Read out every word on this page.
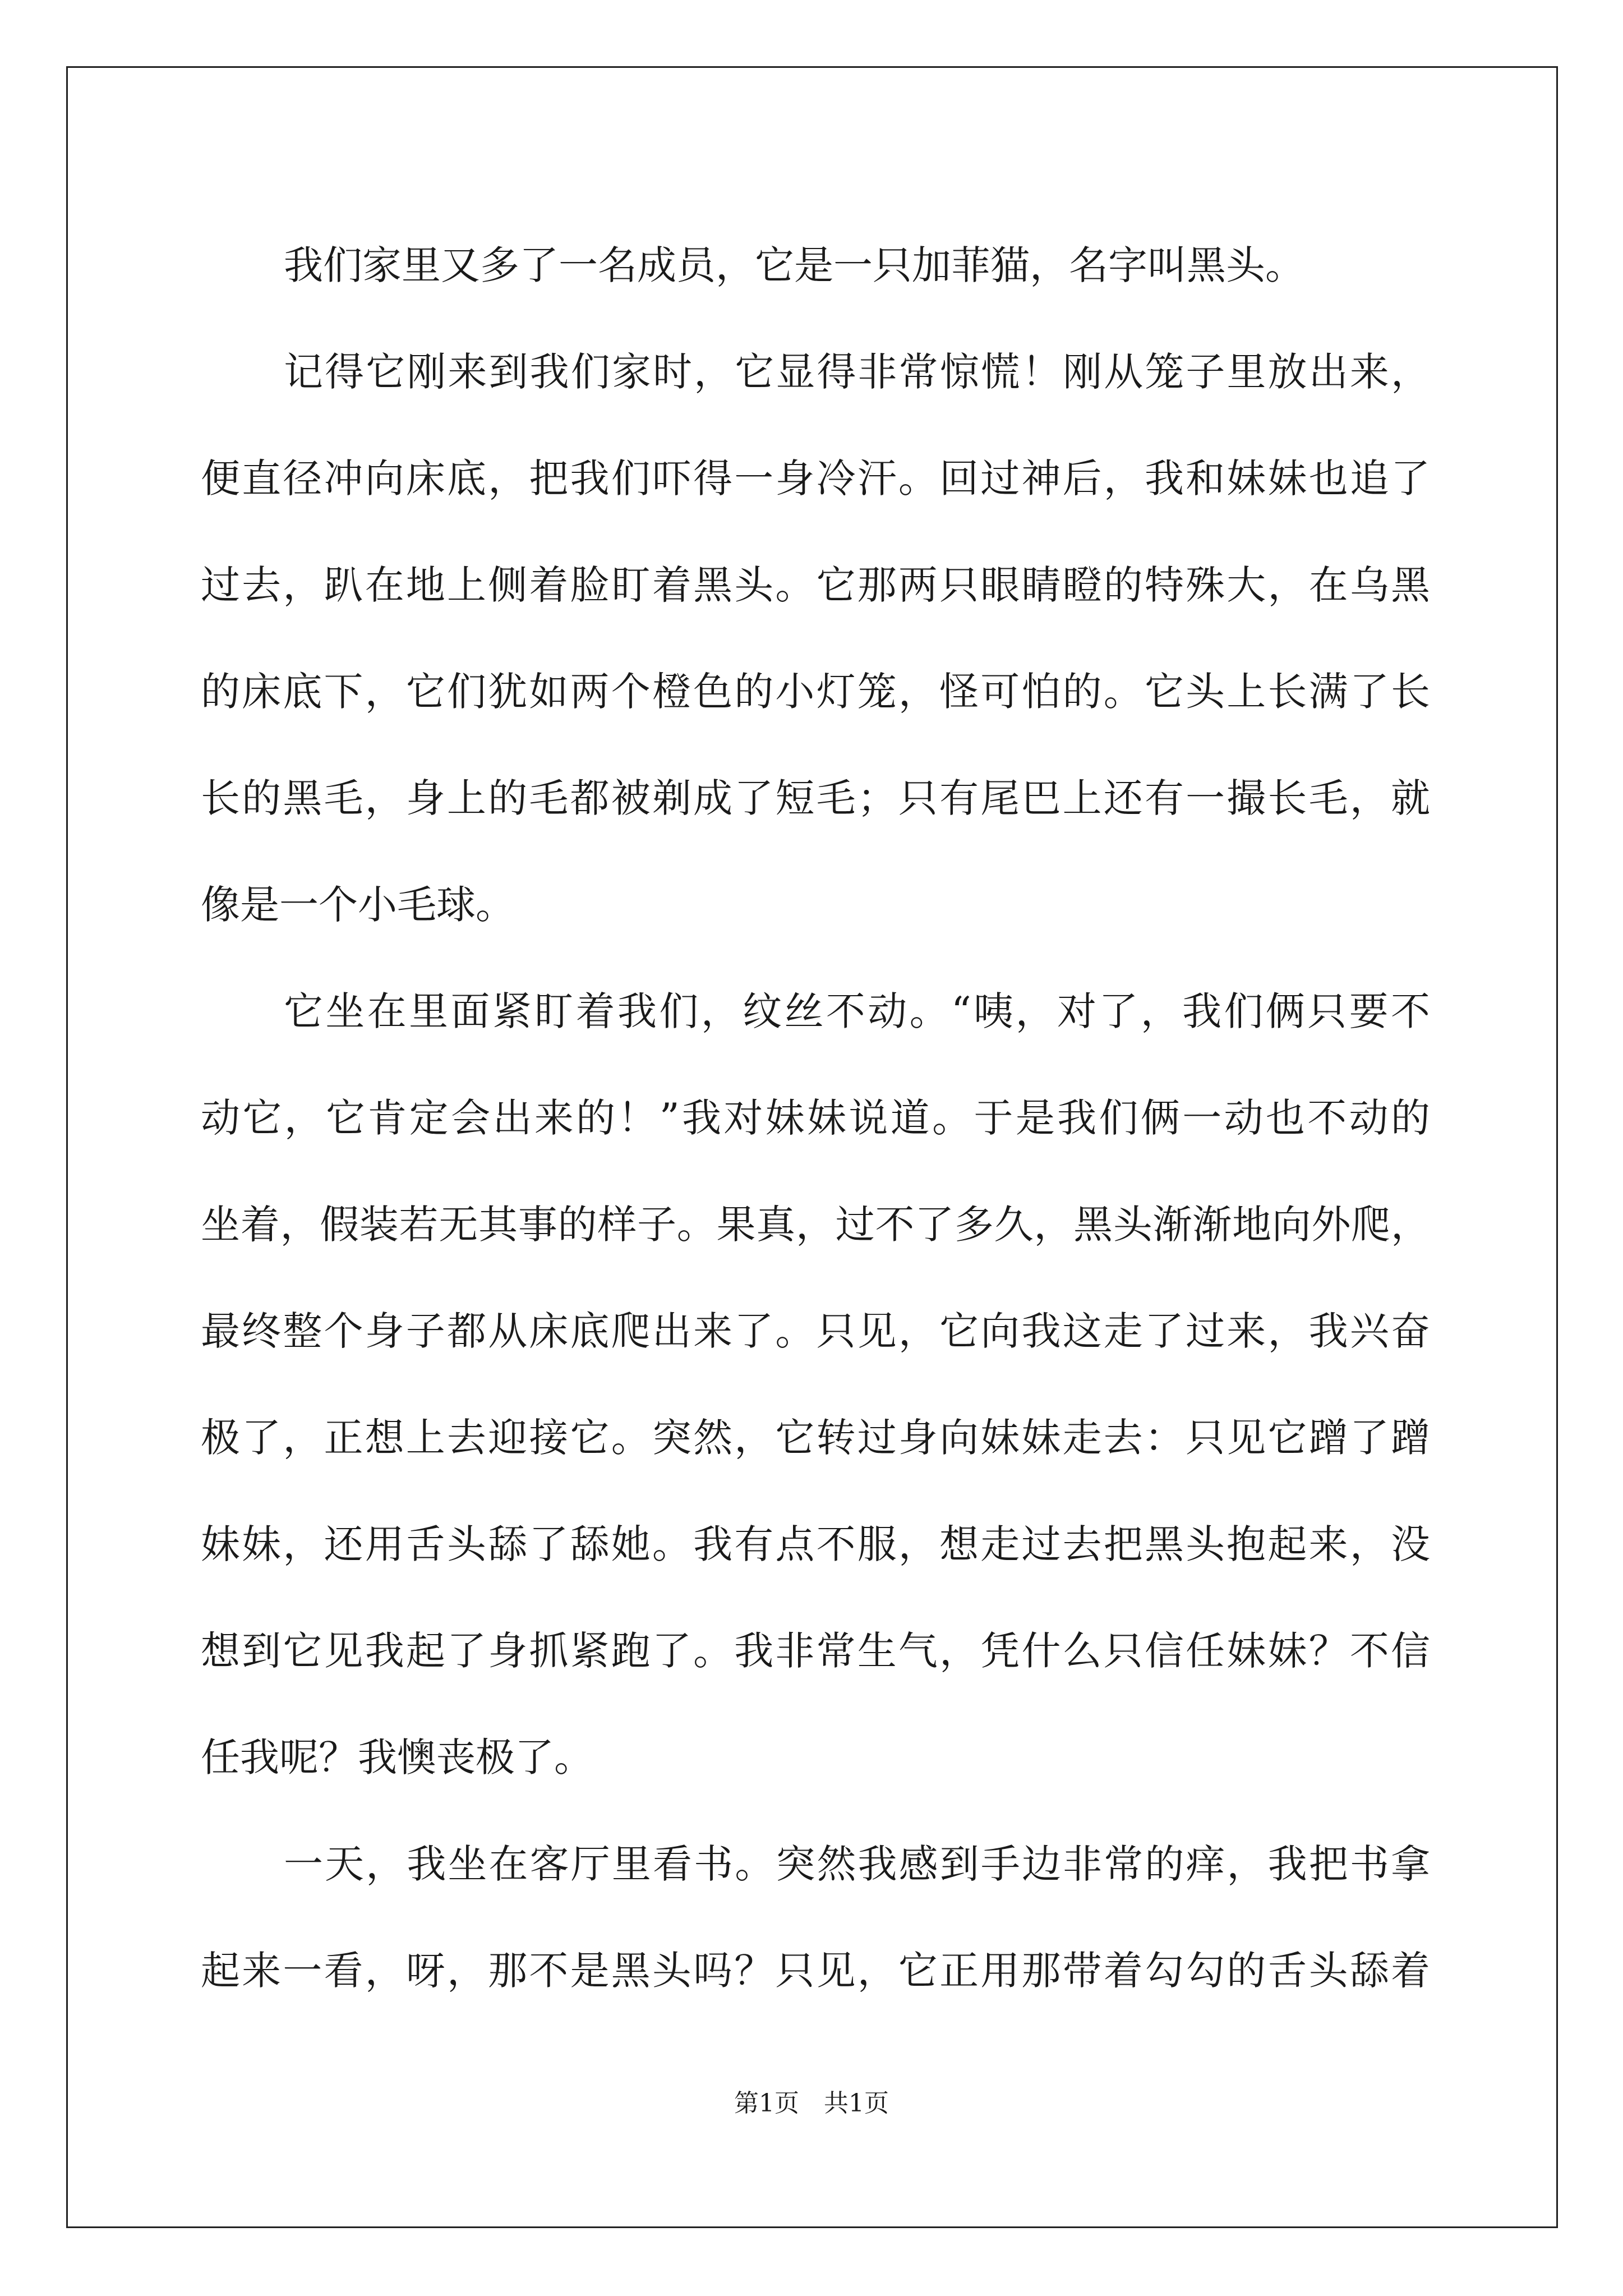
我们家里又多了一名成员，它是一只加菲猫，名字叫黑头。
记得它刚来到我们家时，它显得非常惊慌！刚从笼子里放出来，
便直径冲向床底，把我们吓得一身冷汗。回过神后，我和妹妹也追了
过去，趴在地上侧着脸盯着黑头。它那两只眼睛瞪的特殊大，在乌黑
的床底下，它们犹如两个橙色的小灯笼，怪可怕的。它头上长满了长
长的黑毛，身上的毛都被剃成了短毛；只有尾巴上还有一撮长毛，就
像是一个小毛球。
它坐在里面紧盯着我们，纹丝不动。“咦，对了，我们俩只要不
动它，它肯定会出来的！”我对妹妹说道。于是我们俩一动也不动的
坐着，假装若无其事的样子。果真，过不了多久，黑头渐渐地向外爬，
最终整个身子都从床底爬出来了。只见，它向我这走了过来，我兴奋
极了，正想上去迎接它。突然，它转过身向妹妹走去：只见它蹭了蹭
妹妹，还用舌头舔了舔她。我有点不服，想走过去把黑头抱起来，没
想到它见我起了身抓紧跑了。我非常生气，凭什么只信任妹妹？不信
任我呢？我懊丧极了。
一天，我坐在客厅里看书。突然我感到手边非常的痒，我把书拿
起来一看，呀，那不是黑头吗？只见，它正用那带着勾勾的舌头舔着
第1页　共1页
